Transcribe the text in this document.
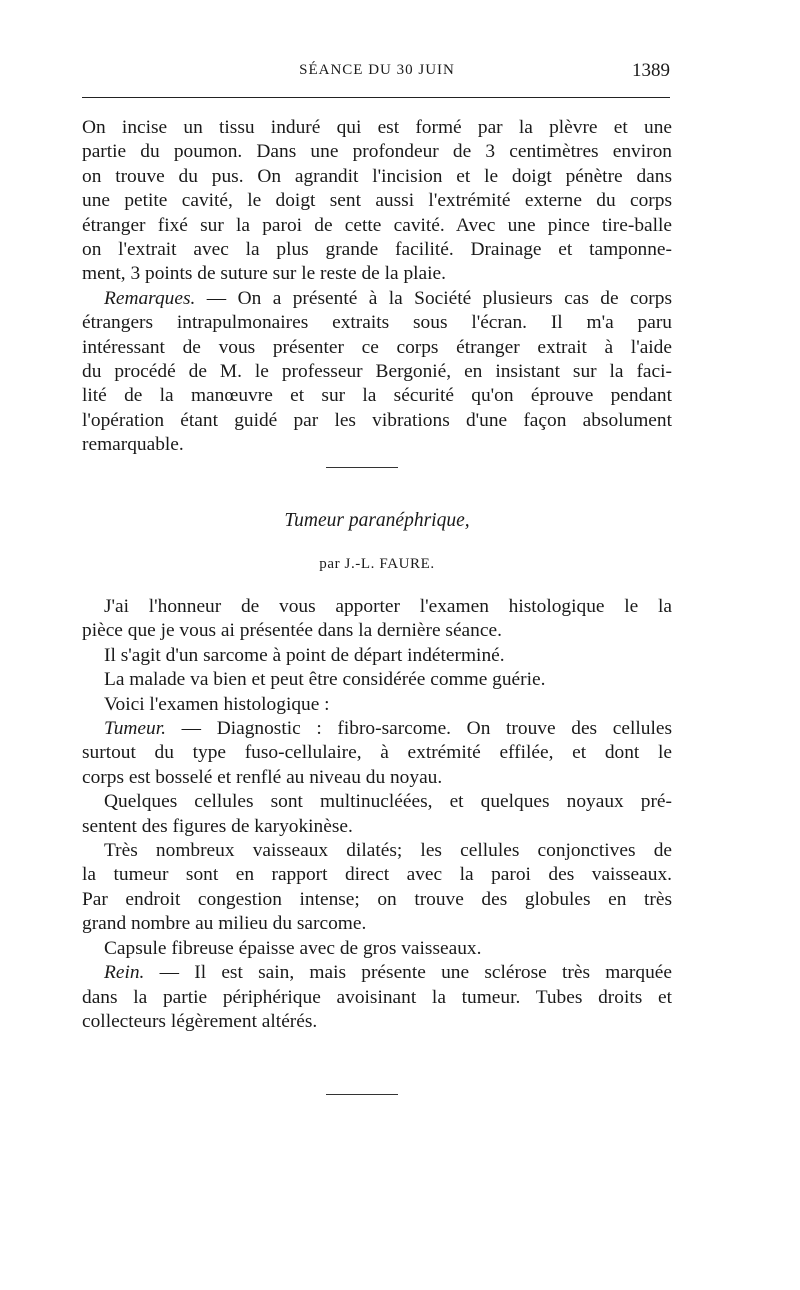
SÉANCE DU 30 JUIN	1389

On incise un tissu induré qui est formé par la plèvre et une
partie du poumon. Dans une profondeur de 3 centimètres environ
on trouve du pus. On agrandit l'incision et le doigt pénètre dans
une petite cavité, le doigt sent aussi l'extrémité externe du corps
étranger fixé sur la paroi de cette cavité. Avec une pince tire-balle
on l'extrait avec la plus grande facilité. Drainage et tamponne-
ment, 3 points de suture sur le reste de la plaie.

Remarques. — On a présenté à la Société plusieurs cas de corps
étrangers intrapulmonaires extraits sous l'écran. Il m'a paru
intéressant de vous présenter ce corps étranger extrait à l'aide
du procédé de M. le professeur Bergonié, en insistant sur la faci-
lité de la manœuvre et sur la sécurité qu'on éprouve pendant
l'opération étant guidé par les vibrations d'une façon absolument
remarquable.

Tumeur paranéphrique,
par J.-L. FAURE.

J'ai l'honneur de vous apporter l'examen histologique le la
pièce que je vous ai présentée dans la dernière séance.

Il s'agit d'un sarcome à point de départ indéterminé.

La malade va bien et peut être considérée comme guérie.

Voici l'examen histologique :

Tumeur. — Diagnostic : fibro-sarcome. On trouve des cellules
surtout du type fuso-cellulaire, à extrémité effilée, et dont le
corps est bosselé et renflé au niveau du noyau.

Quelques cellules sont multinucléées, et quelques noyaux pré-
sentent des figures de karyokinèse.

Très nombreux vaisseaux dilatés; les cellules conjonctives de
la tumeur sont en rapport direct avec la paroi des vaisseaux.
Par endroit congestion intense; on trouve des globules en très
grand nombre au milieu du sarcome.

Capsule fibreuse épaisse avec de gros vaisseaux.

Rein. — Il est sain, mais présente une sclérose très marquée
dans la partie périphérique avoisinant la tumeur. Tubes droits et
collecteurs légèrement altérés.
